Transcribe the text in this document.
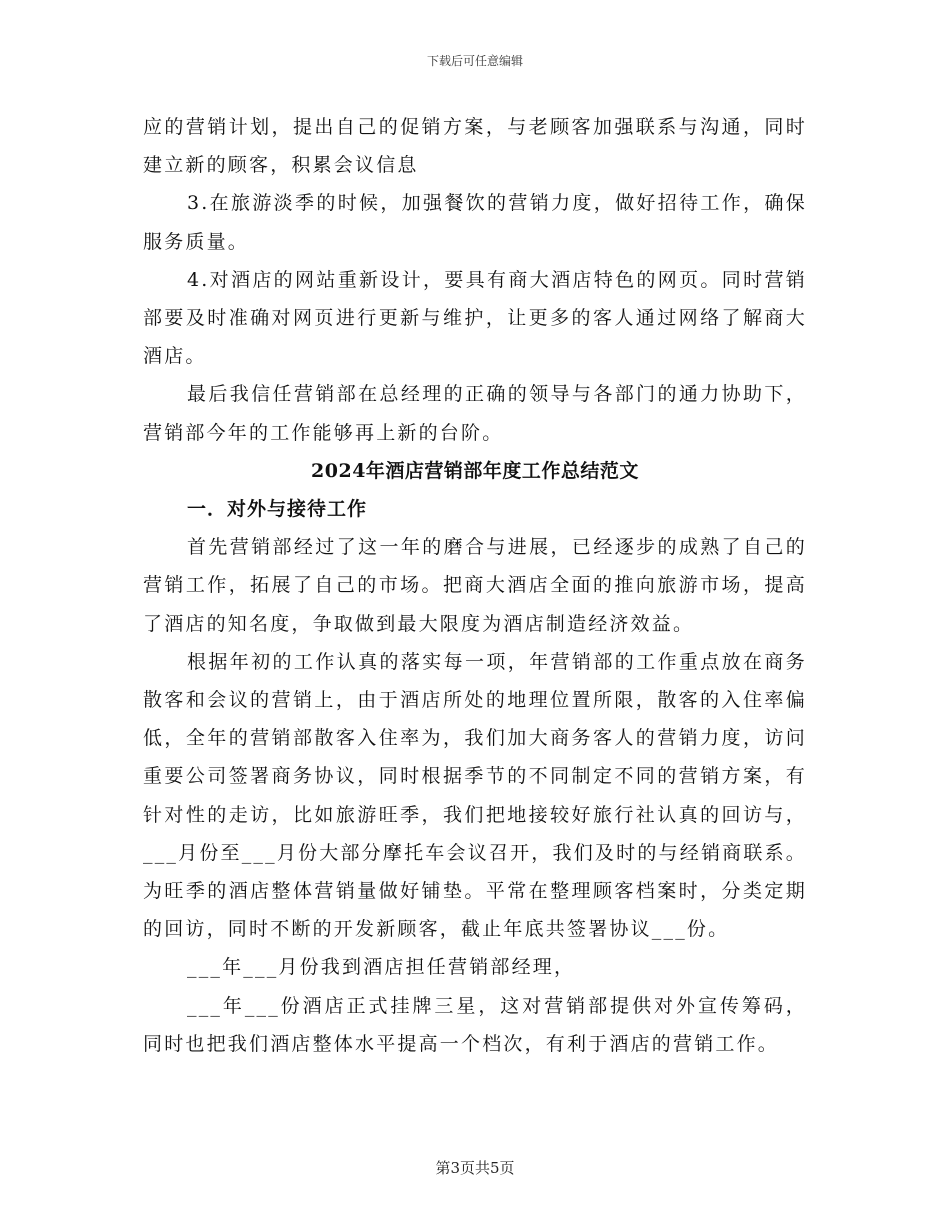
下载后可任意编辑

应的营销计划，提出自己的促销方案，与老顾客加强联系与沟通，同时建立新的顾客，积累会议信息

3.在旅游淡季的时候，加强餐饮的营销力度，做好招待工作，确保服务质量。

4.对酒店的网站重新设计，要具有商大酒店特色的网页。同时营销部要及时准确对网页进行更新与维护，让更多的客人通过网络了解商大酒店。

最后我信任营销部在总经理的正确的领导与各部门的通力协助下，营销部今年的工作能够再上新的台阶。

2024年酒店营销部年度工作总结范文

一．对外与接待工作

首先营销部经过了这一年的磨合与进展，已经逐步的成熟了自己的营销工作，拓展了自己的市场。把商大酒店全面的推向旅游市场，提高了酒店的知名度，争取做到最大限度为酒店制造经济效益。

根据年初的工作认真的落实每一项，年营销部的工作重点放在商务散客和会议的营销上，由于酒店所处的地理位置所限，散客的入住率偏低，全年的营销部散客入住率为，我们加大商务客人的营销力度，访问重要公司签署商务协议，同时根据季节的不同制定不同的营销方案，有针对性的走访，比如旅游旺季，我们把地接较好旅行社认真的回访与，___月份至___月份大部分摩托车会议召开，我们及时的与经销商联系。为旺季的酒店整体营销量做好铺垫。平常在整理顾客档案时，分类定期的回访，同时不断的开发新顾客，截止年底共签署协议___份。

___年___月份我到酒店担任营销部经理，

___年___份酒店正式挂牌三星，这对营销部提供对外宣传筹码，同时也把我们酒店整体水平提高一个档次，有利于酒店的营销工作。

第3页共5页
